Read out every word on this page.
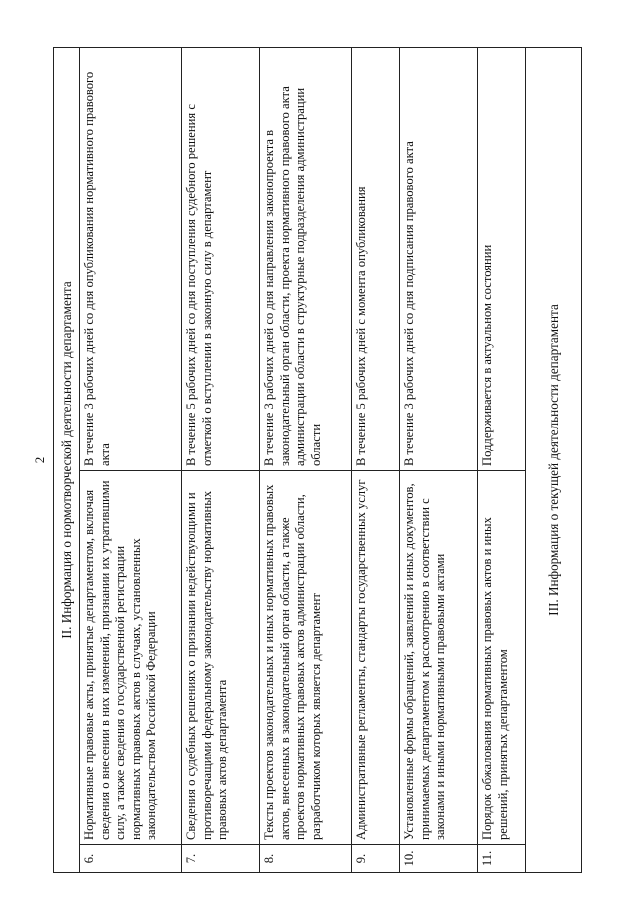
2 II. Информация о нормотворческой деятельности департамента		
6.	Нормативные правовые акты, принятые департаментом, включая сведения о внесении в них изменений, признании их утратившими силу, а также сведения о государственной регистрации нормативных правовых актов в случаях, установленных законодательством Российской Федерации	В течение 3 рабочих дней со дня опубликования нормативного правового акта
7.	Сведения о судебных решениях о признании недействующими и противоречащими федеральному законодательству нормативных правовых актов департамента	В течение 5 рабочих дней со дня поступления судебного решения с отметкой о вступлении в законную силу в департамент
8.	Тексты проектов законодательных и иных нормативных правовых актов, внесенных в законодательный орган области, а также проектов нормативных правовых актов администрации области, разработчиком которых является департамент	В течение 3 рабочих дней со дня направления законопроекта в законодательный орган области, проекта нормативного правового акта администрации области в структурные подразделения администрации области
9.	Административные регламенты, стандарты государственных услуг	В течение 5 рабочих дней с момента опубликования
10.	Установленные формы обращений, заявлений и иных документов, принимаемых департаментом к рассмотрению в соответствии с законами и иными нормативными правовыми актами	В течение 3 рабочих дней со дня подписания правового акта
11.	Порядок обжалования нормативных правовых актов и иных решений, принятых департаментом	Поддерживается в актуальном состоянии
III. Информация о текущей деятельности департамента		
